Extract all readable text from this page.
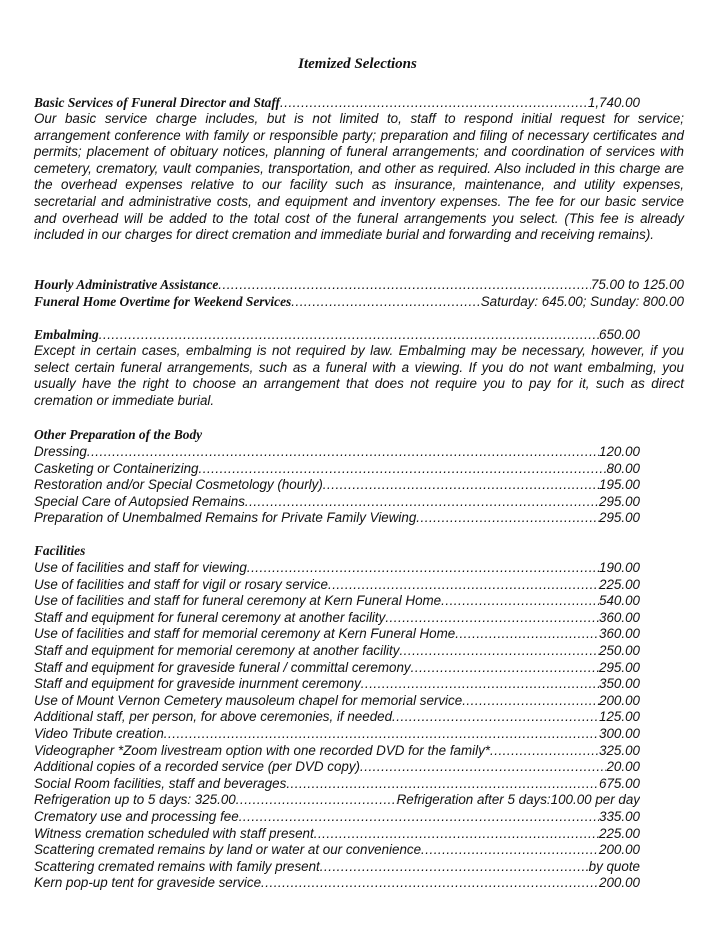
Itemized Selections
Basic Services of Funeral Director and Staff .....	1,740.00
Our basic service charge includes, but is not limited to, staff to respond initial request for service; arrangement conference with family or responsible party; preparation and filing of necessary certificates and permits; placement of obituary notices, planning of funeral arrangements; and coordination of services with cemetery, crematory, vault companies, transportation, and other as required. Also included in this charge are the overhead expenses relative to our facility such as insurance, maintenance, and utility expenses, secretarial and administrative costs, and equipment and inventory expenses. The fee for our basic service and overhead will be added to the total cost of the funeral arrangements you select. (This fee is already included in our charges for direct cremation and immediate burial and forwarding and receiving remains).
Hourly Administrative Assistance .....	75.00 to 125.00
Funeral Home Overtime for Weekend Services .....	Saturday: 645.00; Sunday: 800.00
Embalming .....	650.00
Except in certain cases, embalming is not required by law. Embalming may be necessary, however, if you select certain funeral arrangements, such as a funeral with a viewing. If you do not want embalming, you usually have the right to choose an arrangement that does not require you to pay for it, such as direct cremation or immediate burial.
Other Preparation of the Body
Dressing .....	120.00
Casketing or Containerizing .....	80.00
Restoration and/or Special Cosmetology (hourly) .....	195.00
Special Care of Autopsied Remains .....	295.00
Preparation of Unembalmed Remains for Private Family Viewing .....	295.00
Facilities
Use of facilities and staff for viewing .....	190.00
Use of facilities and staff for vigil or rosary service .....	225.00
Use of facilities and staff for funeral ceremony at Kern Funeral Home .....	540.00
Staff and equipment for funeral ceremony at another facility .....	360.00
Use of facilities and staff for memorial ceremony at Kern Funeral Home .....	360.00
Staff and equipment for memorial ceremony at another facility .....	250.00
Staff and equipment for graveside funeral / committal ceremony .....	295.00
Staff and equipment for graveside inurnment ceremony .....	350.00
Use of Mount Vernon Cemetery mausoleum chapel for memorial service .....	200.00
Additional staff, per person, for above ceremonies, if needed .....	125.00
Video Tribute creation .....	300.00
Videographer *Zoom livestream option with one recorded DVD for the family* .....	325.00
Additional copies of a recorded service (per DVD copy) .....	20.00
Social Room facilities, staff and beverages .....	675.00
Refrigeration up to 5 days: 325.00 .....	Refrigeration after 5 days:100.00 per day
Crematory use and processing fee .....	335.00
Witness cremation scheduled with staff present .....	225.00
Scattering cremated remains by land or water at our convenience .....	200.00
Scattering cremated remains with family present .....	by quote
Kern pop-up tent for graveside service .....	200.00
